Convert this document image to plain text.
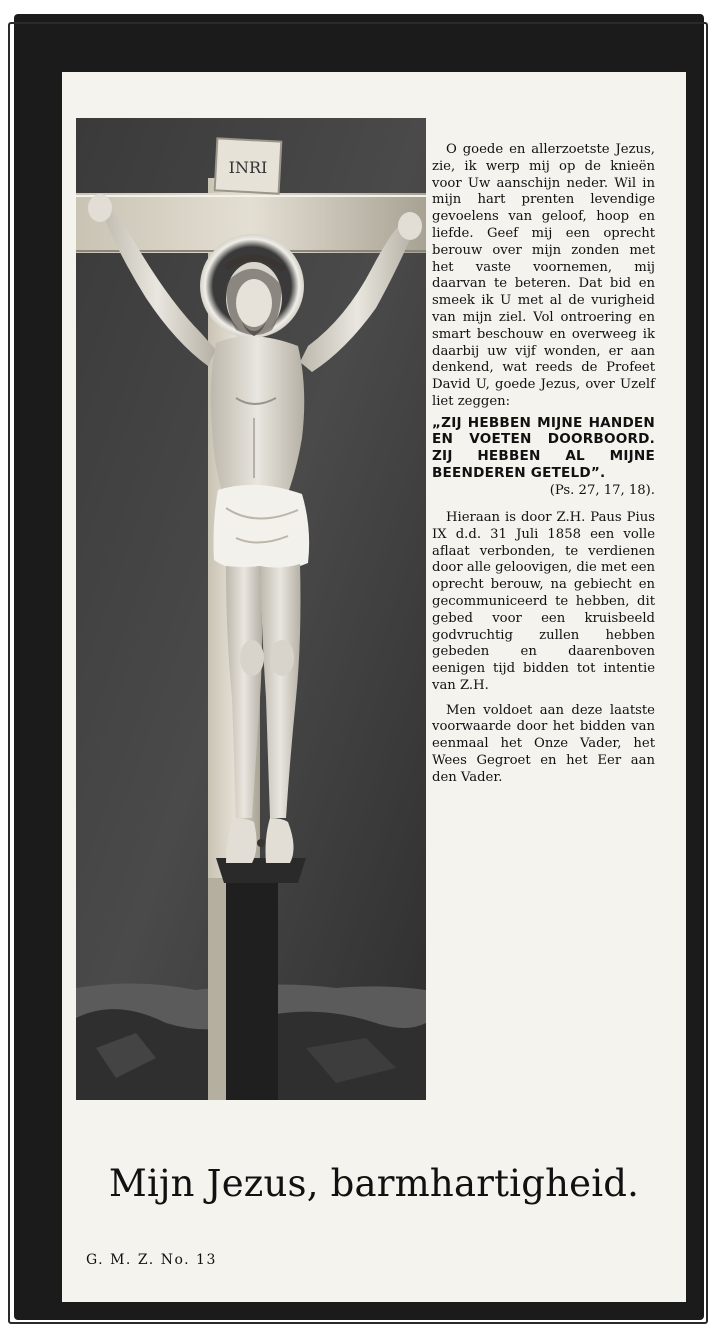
INRI

O goede en allerzoetste Jezus, zie, ik werp mij op de knieën voor Uw aanschijn neder. Wil in mijn hart prenten levendige gevoelens van geloof, hoop en liefde. Geef mij een oprecht berouw over mijn zonden met het vaste voornemen, mij daarvan te beteren. Dat bid en smeek ik U met al de vurigheid van mijn ziel. Vol ontroering en smart beschouw en overweeg ik daarbij uw vijf wonden, er aan denkend, wat reeds de Profeet David U, goede Jezus, over Uzelf liet zeggen:

„ZIJ HEBBEN MIJNE HANDEN EN VOETEN DOORBOORD. ZIJ HEBBEN AL MIJNE BEENDEREN GETELD”.

(Ps. 27, 17, 18).

Hieraan is door Z.H. Paus Pius IX d.d. 31 Juli 1858 een volle aflaat verbonden, te verdienen door alle geloovigen, die met een oprecht berouw, na gebiecht en gecommuniceerd te hebben, dit gebed voor een kruisbeeld godvruchtig zullen hebben gebeden en daarenboven eenigen tijd bidden tot intentie van Z.H.

Men voldoet aan deze laatste voorwaarde door het bidden van eenmaal het Onze Vader, het Wees Gegroet en het Eer aan den Vader.

Mijn Jezus, barmhartigheid.
G. M. Z. No. 13
